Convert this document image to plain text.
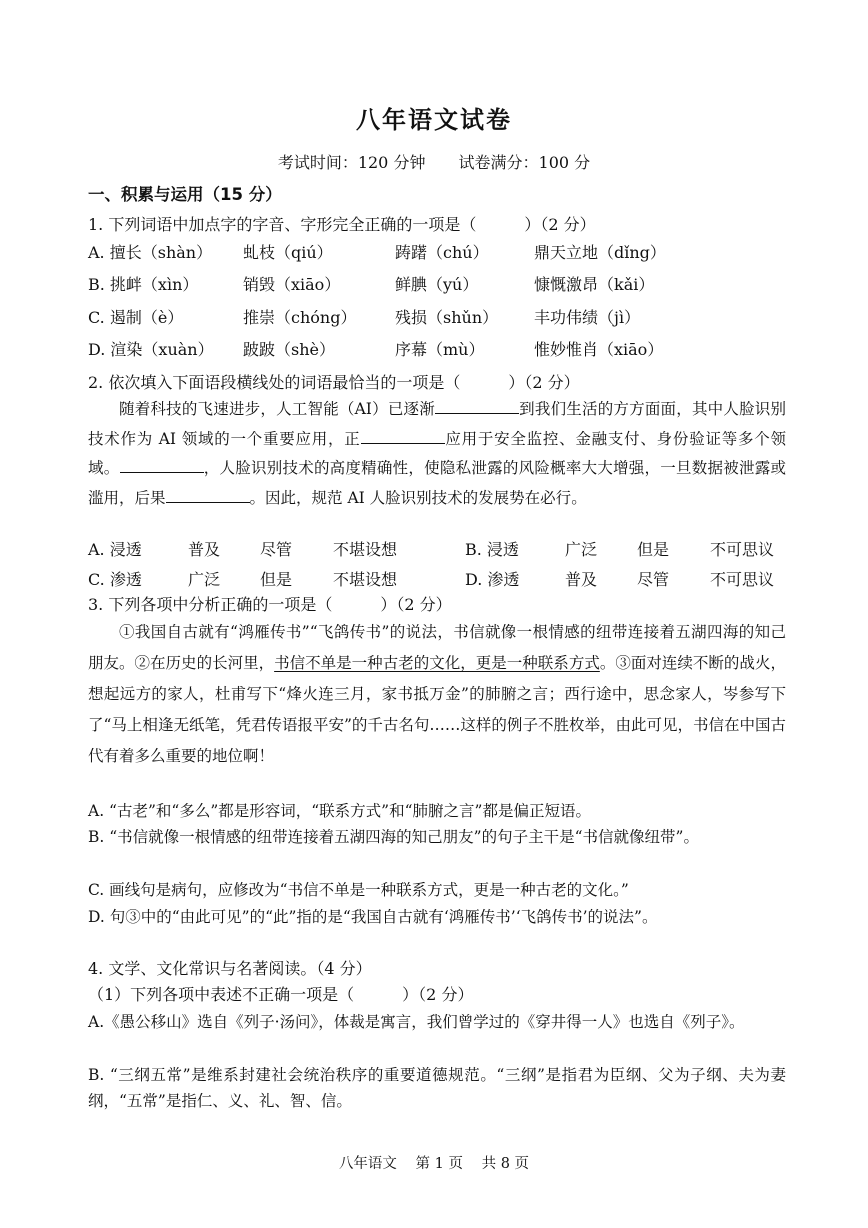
八年语文试卷
考试时间：120 分钟 试卷满分：100 分
一、积累与运用（15 分）
1. 下列词语中加点字的字音、字形完全正确的一项是（　　　）（2 分）
A. 擅长（shàn） 虬枝（qiú）	踌躇（chú）	鼎天立地（dǐng）
B. 挑衅（xìn）	销毁（xiāo）	鲜腆（yú）	慷慨激昂（kǎi）
C. 遏制（è）	推崇（chóng） 残损（shǔn） 丰功伟绩（jì）
D. 渲染（xuàn） 跛跛（shè）	序幕（mù）	惟妙惟肖（xiāo）
2. 依次填入下面语段横线处的词语最恰当的一项是（　　　）（2 分）
随着科技的飞速进步，人工智能（AI）已逐渐	到我们生活的方方面面，其中人脸识别技术作为 AI 领域的一个重要应用，正	应用于安全监控、金融支付、身份验证等多个领域。	，人脸识别技术的高度精确性，使隐私泄露的风险概率大大增强，一旦数据被泄露或滥用，后果	。因此，规范 AI 人脸识别技术的发展势在必行。
A. 浸透	普及 尽管	不堪设想	B. 浸透	广泛 但是	不可思议
C. 渗透	广泛 但是	不堪设想	D. 渗透	普及 尽管	不可思议
3. 下列各项中分析正确的一项是（　　　）（2 分）
①我国自古就有“鸿雁传书”“飞鸽传书”的说法，书信就像一根情感的纽带连接着五湖四海的知己朋友。②在历史的长河里，书信不单是一种古老的文化，更是一种联系方式。③面对连续不断的战火，想起远方的家人，杜甫写下“烽火连三月，家书抵万金”的肺腑之言；西行途中，思念家人，岑参写下了“马上相逢无纸笔，凭君传语报平安”的千古名句……这样的例子不胜枚举，由此可见，书信在中国古代有着多么重要的地位啊！
A. “古老”和“多么”都是形容词，“联系方式”和“肺腑之言”都是偏正短语。
B. “书信就像一根情感的纽带连接着五湖四海的知己朋友”的句子主干是“书信就像纽带”。
C. 画线句是病句，应修改为“书信不单是一种联系方式，更是一种古老的文化。”
D. 句③中的“由此可见”的“此”指的是“我国自古就有‘鸿雁传书’‘飞鸽传书’的说法”。
4. 文学、文化常识与名著阅读。（4 分）
（1）下列各项中表述不正确一项是（　　　）（2 分）
A.《愚公移山》选自《列子·汤问》，体裁是寓言，我们曾学过的《穿井得一人》也选自《列子》。
B. “三纲五常”是维系封建社会统治秩序的重要道德规范。“三纲”是指君为臣纲、父为子纲、夫为妻纲，“五常”是指仁、义、礼、智、信。
八年语文 第 1 页 共 8 页
